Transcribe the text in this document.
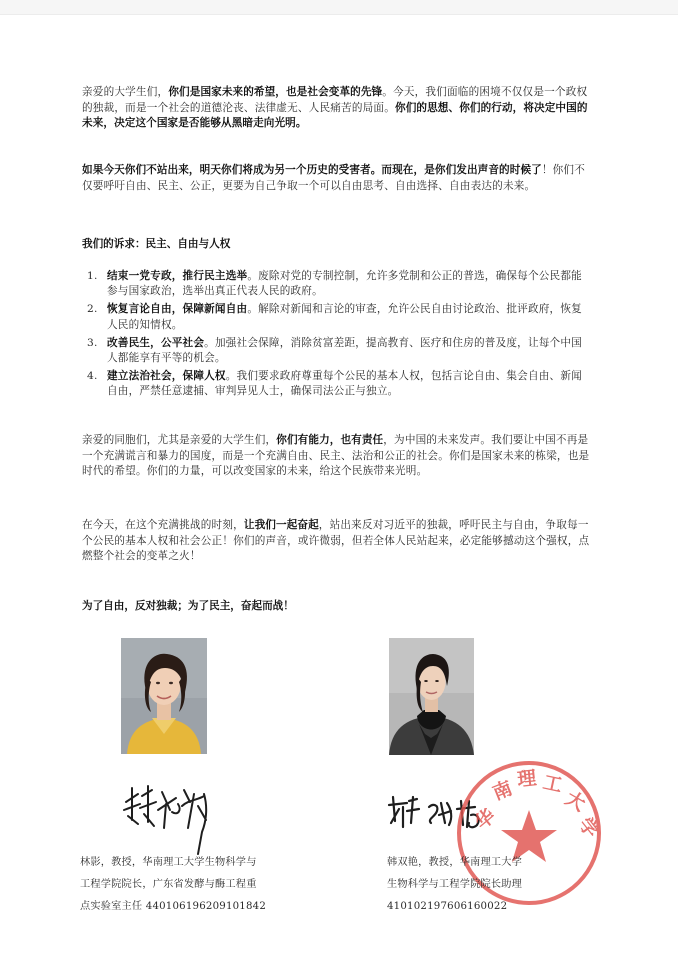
亲爱的大学生们，你们是国家未来的希望，也是社会变革的先锋。今天，我们面临的困境不仅仅是一个政权的独裁，而是一个社会的道德沦丧、法律虚无、人民痛苦的局面。你们的思想、你们的行动，将决定中国的未来，决定这个国家是否能够从黑暗走向光明。

如果今天你们不站出来，明天你们将成为另一个历史的受害者。而现在，是你们发出声音的时候了！你们不仅要呼吁自由、民主、公正，更要为自己争取一个可以自由思考、自由选择、自由表达的未来。

我们的诉求：民主、自由与人权

1. 结束一党专政，推行民主选举。废除对党的专制控制，允许多党制和公正的普选，确保每个公民都能参与国家政治，选举出真正代表人民的政府。
2. 恢复言论自由，保障新闻自由。解除对新闻和言论的审查，允许公民自由讨论政治、批评政府，恢复人民的知情权。
3. 改善民生，公平社会。加强社会保障，消除贫富差距，提高教育、医疗和住房的普及度，让每个中国人都能享有平等的机会。
4. 建立法治社会，保障人权。我们要求政府尊重每个公民的基本人权，包括言论自由、集会自由、新闻自由，严禁任意逮捕、审判异见人士，确保司法公正与独立。

亲爱的同胞们，尤其是亲爱的大学生们，你们有能力，也有责任，为中国的未来发声。我们要让中国不再是一个充满谎言和暴力的国度，而是一个充满自由、民主、法治和公正的社会。你们是国家未来的栋梁，也是时代的希望。你们的力量，可以改变国家的未来，给这个民族带来光明。

在今天，在这个充满挑战的时刻，让我们一起奋起，站出来反对习近平的独裁，呼吁民主与自由，争取每一个公民的基本人权和社会公正！你们的声音，或许微弱，但若全体人民站起来，必定能够撼动这个强权，点燃整个社会的变革之火！

为了自由，反对独裁；为了民主，奋起而战！

华
南 理 工
大
学
林影，教授，华南理工大学生物科学与
工程学院院长，广东省发酵与酶工程重
点实验室主任 440106196209101842
韩双艳，教授，华南理工大学
生物科学与工程学院院长助理
410102197606160022
